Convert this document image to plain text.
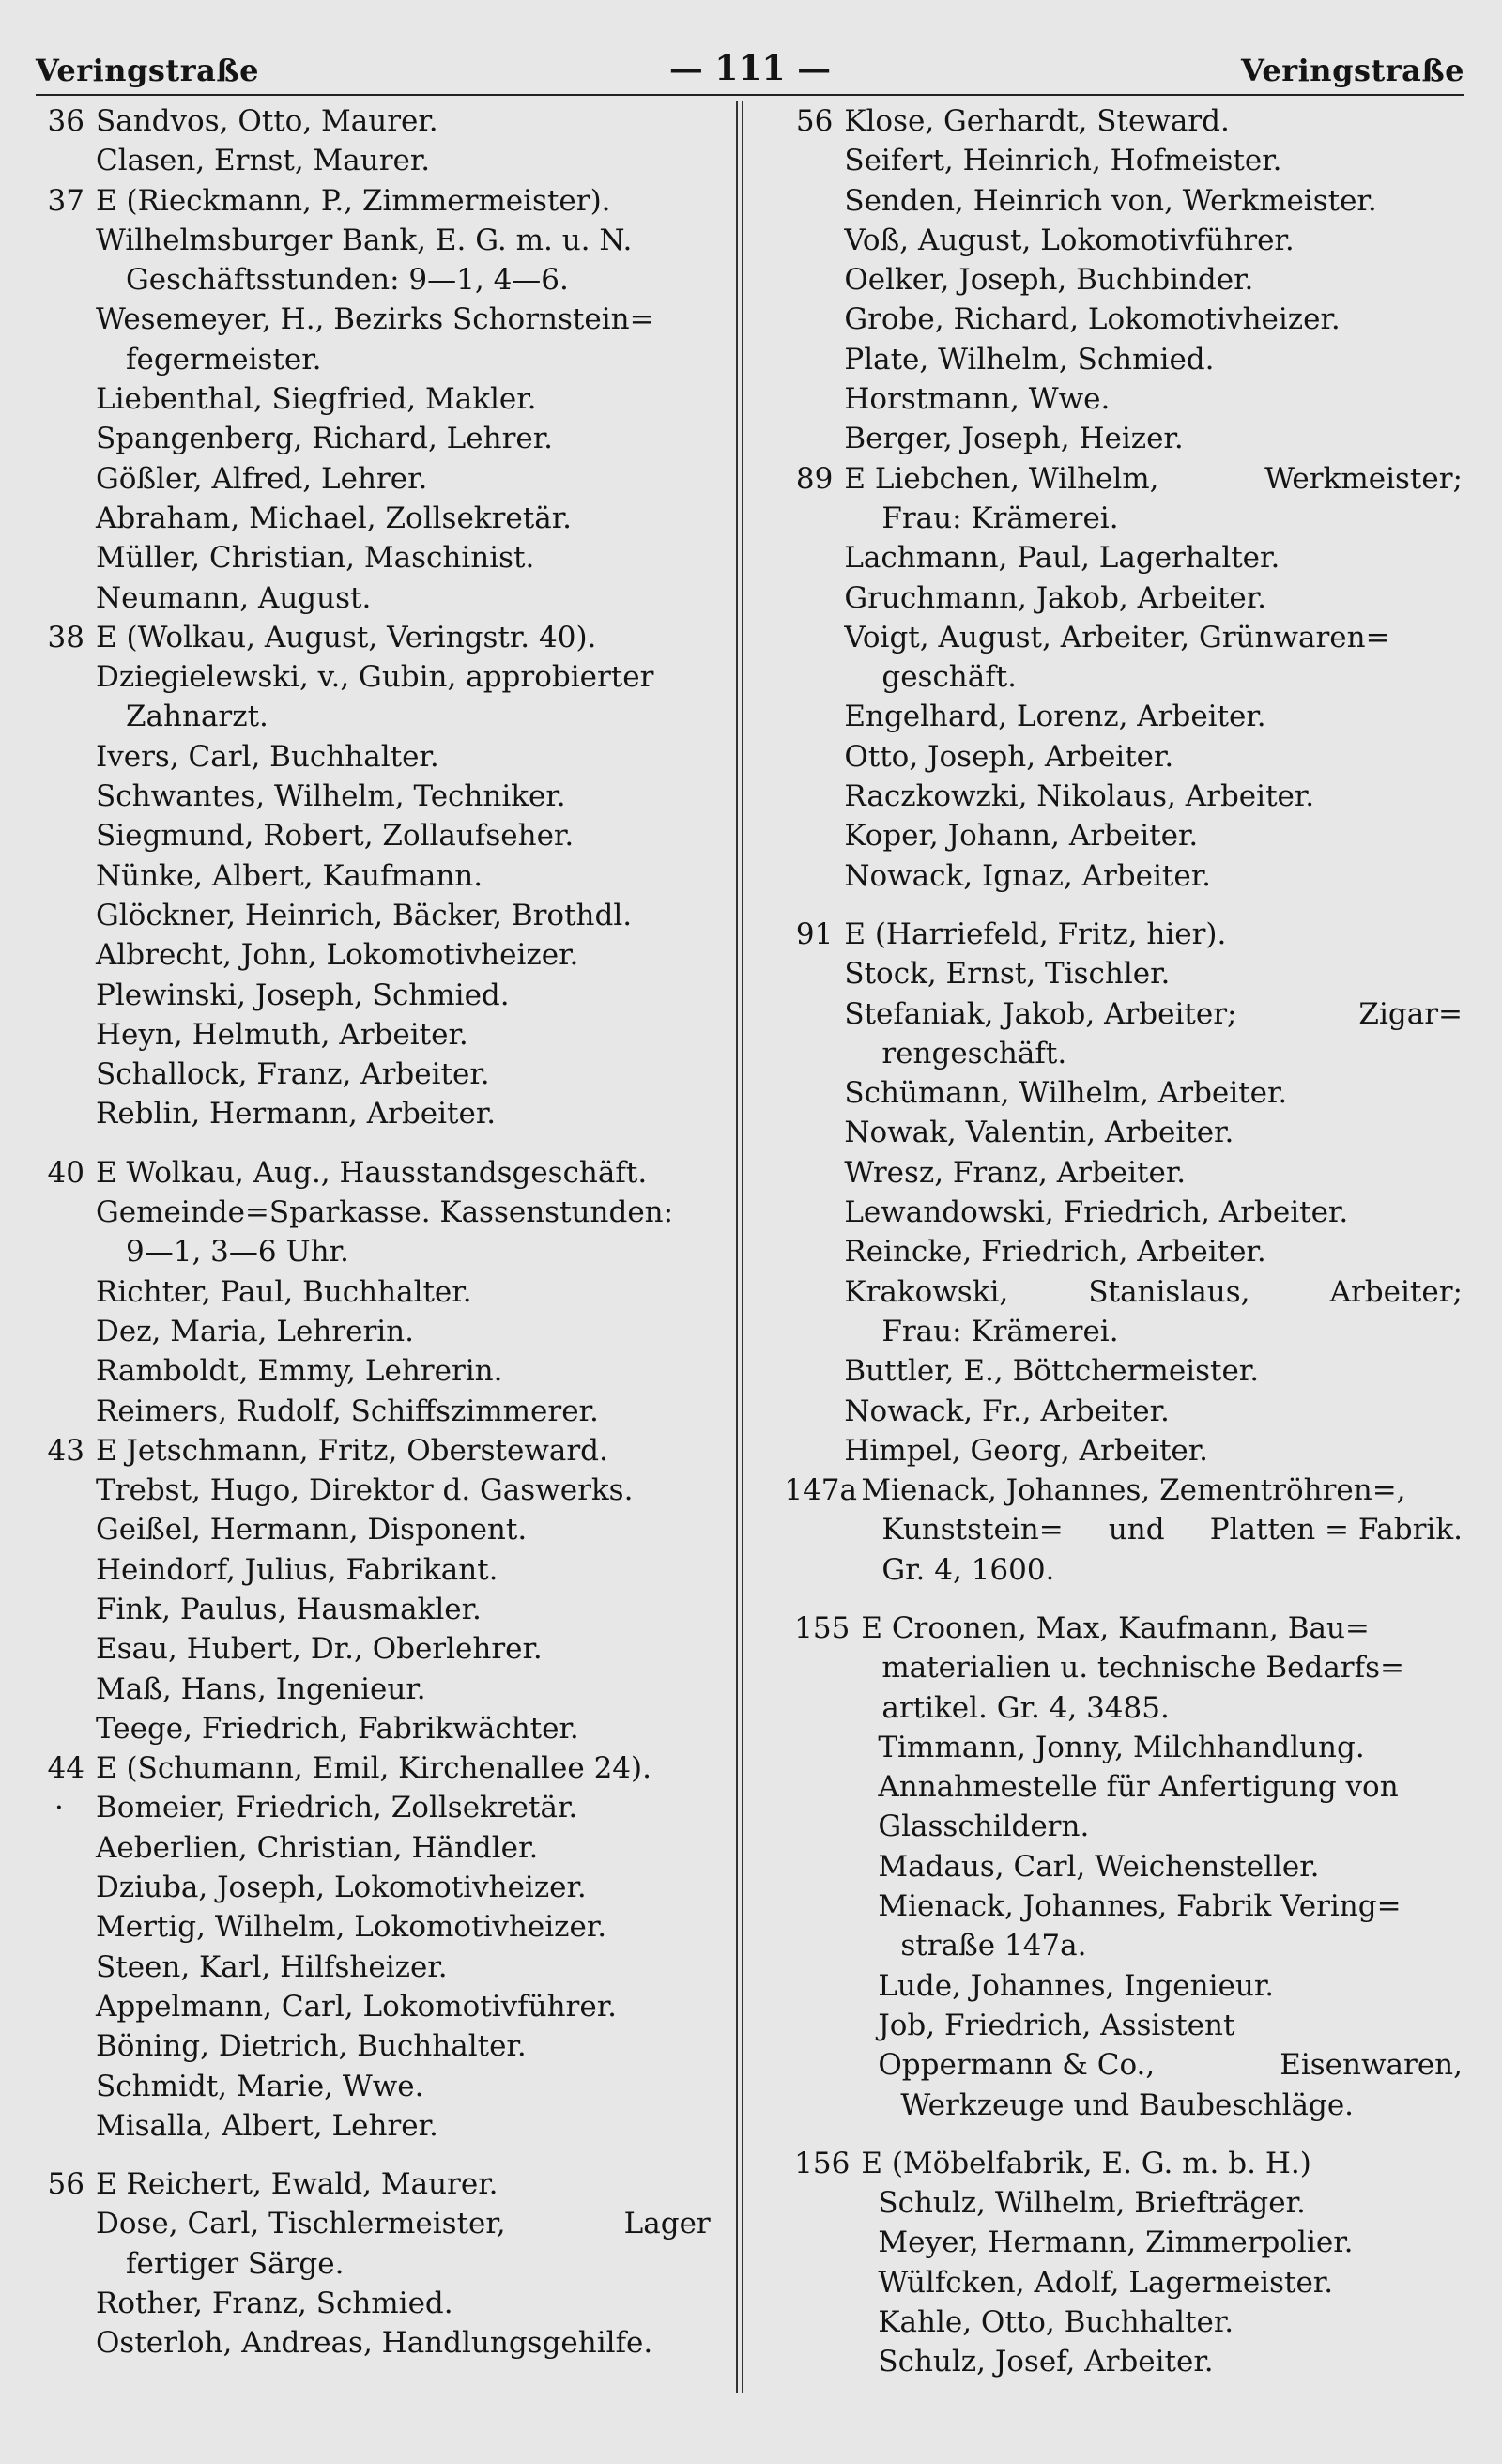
Veringstraße	— 111 —	Veringstraße
36 Sandvos, Otto, Maurer.
Clasen, Ernst, Maurer.
37 E (Rieckmann, P., Zimmermeister).
Wilhelmsburger Bank, E. G. m. u. N.
Geschäftsstunden: 9—1, 4—6.
Wesemeyer, H., Bezirks Schornstein=
fegermeister.
Liebenthal, Siegfried, Makler.
Spangenberg, Richard, Lehrer.
Gößler, Alfred, Lehrer.
Abraham, Michael, Zollsekretär.
Müller, Christian, Maschinist.
Neumann, August.
38 E (Wolkau, August, Veringstr. 40).
Dziegielewski, v., Gubin, approbierter
Zahnarzt.
Ivers, Carl, Buchhalter.
Schwantes, Wilhelm, Techniker.
Siegmund, Robert, Zollaufseher.
Nünke, Albert, Kaufmann.
Glöckner, Heinrich, Bäcker, Brothdl.
Albrecht, John, Lokomotivheizer.
Plewinski, Joseph, Schmied.
Heyn, Helmuth, Arbeiter.
Schallock, Franz, Arbeiter.
Reblin, Hermann, Arbeiter.
40 E Wolkau, Aug., Hausstandsgeschäft.
Gemeinde=Sparkasse. Kassenstunden:
9—1, 3—6 Uhr.
Richter, Paul, Buchhalter.
Dez, Maria, Lehrerin.
Ramboldt, Emmy, Lehrerin.
Reimers, Rudolf, Schiffszimmerer.
43 E Jetschmann, Fritz, Obersteward.
Trebst, Hugo, Direktor d. Gaswerks.
Geißel, Hermann, Disponent.
Heindorf, Julius, Fabrikant.
Fink, Paulus, Hausmakler.
Esau, Hubert, Dr., Oberlehrer.
Maß, Hans, Ingenieur.
Teege, Friedrich, Fabrikwächter.
44 E (Schumann, Emil, Kirchenallee 24).
· Bomeier, Friedrich, Zollsekretär.
Aeberlien, Christian, Händler.
Dziuba, Joseph, Lokomotivheizer.
Mertig, Wilhelm, Lokomotivheizer.
Steen, Karl, Hilfsheizer.
Appelmann, Carl, Lokomotivführer.
Böning, Dietrich, Buchhalter.
Schmidt, Marie, Wwe.
Misalla, Albert, Lehrer.
56 E Reichert, Ewald, Maurer.
Dose, Carl, Tischlermeister,	Lager
fertiger Särge.
Rother, Franz, Schmied.
Osterloh, Andreas, Handlungsgehilfe.
56 Klose, Gerhardt, Steward.
Seifert, Heinrich, Hofmeister.
Senden, Heinrich von, Werkmeister.
Voß, August, Lokomotivführer.
Oelker, Joseph, Buchbinder.
Grobe, Richard, Lokomotivheizer.
Plate, Wilhelm, Schmied.
Horstmann, Wwe.
Berger, Joseph, Heizer.
89 E Liebchen, Wilhelm,	Werkmeister;
Frau: Krämerei.
Lachmann, Paul, Lagerhalter.
Gruchmann, Jakob, Arbeiter.
Voigt, August, Arbeiter, Grünwaren=
geschäft.
Engelhard, Lorenz, Arbeiter.
Otto, Joseph, Arbeiter.
Raczkowzki, Nikolaus, Arbeiter.
Koper, Johann, Arbeiter.
Nowack, Ignaz, Arbeiter.
91 E (Harriefeld, Fritz, hier).
Stock, Ernst, Tischler.
Stefaniak, Jakob, Arbeiter;	Zigar=
rengeschäft.
Schümann, Wilhelm, Arbeiter.
Nowak, Valentin, Arbeiter.
Wresz, Franz, Arbeiter.
Lewandowski, Friedrich, Arbeiter.
Reincke, Friedrich, Arbeiter.
Krakowski,	Stanislaus,	Arbeiter;
Frau: Krämerei.
Buttler, E., Böttchermeister.
Nowack, Fr., Arbeiter.
Himpel, Georg, Arbeiter.
147a Mienack, Johannes, Zementröhren=,
Kunststein= und Platten = Fabrik.
Gr. 4, 1600.
155 E Croonen, Max, Kaufmann, Bau=
materialien u. technische Bedarfs=
artikel. Gr. 4, 3485.
Timmann, Jonny, Milchhandlung.
Annahmestelle für Anfertigung von
Glasschildern.
Madaus, Carl, Weichensteller.
Mienack, Johannes, Fabrik Vering=
straße 147a.
Lude, Johannes, Ingenieur.
Job, Friedrich, Assistent
Oppermann & Co.,	Eisenwaren,
Werkzeuge und Baubeschläge.
156 E (Möbelfabrik, E. G. m. b. H.)
Schulz, Wilhelm, Briefträger.
Meyer, Hermann, Zimmerpolier.
Wülfcken, Adolf, Lagermeister.
Kahle, Otto, Buchhalter.
Schulz, Josef, Arbeiter.
